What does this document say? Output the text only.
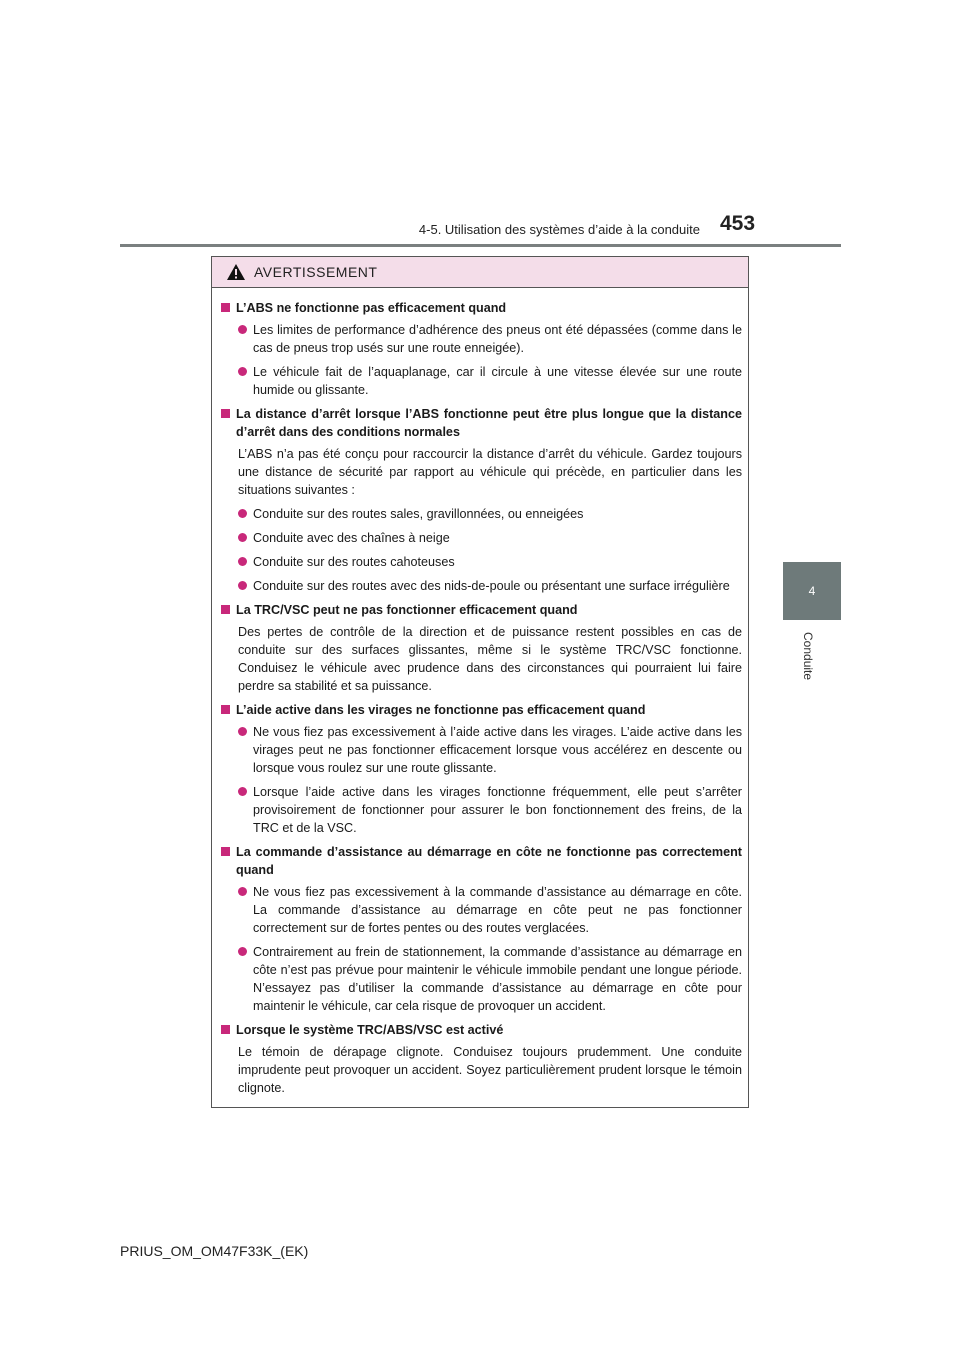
4-5. Utilisation des systèmes d’aide à la conduite 453
4
Conduite
AVERTISSEMENT
L’ABS ne fonctionne pas efficacement quand
Les limites de performance d’adhérence des pneus ont été dépassées (comme dans le cas de pneus trop usés sur une route enneigée).
Le véhicule fait de l’aquaplanage, car il circule à une vitesse élevée sur une route humide ou glissante.
La distance d’arrêt lorsque l’ABS fonctionne peut être plus longue que la distance d’arrêt dans des conditions normales
L’ABS n’a pas été conçu pour raccourcir la distance d’arrêt du véhicule. Gardez toujours une distance de sécurité par rapport au véhicule qui précède, en particulier dans les situations suivantes :
Conduite sur des routes sales, gravillonnées, ou enneigées
Conduite avec des chaînes à neige
Conduite sur des routes cahoteuses
Conduite sur des routes avec des nids-de-poule ou présentant une surface irrégulière
La TRC/VSC peut ne pas fonctionner efficacement quand
Des pertes de contrôle de la direction et de puissance restent possibles en cas de conduite sur des surfaces glissantes, même si le système TRC/VSC fonctionne. Conduisez le véhicule avec prudence dans des circonstances qui pourraient lui faire perdre sa stabilité et sa puissance.
L’aide active dans les virages ne fonctionne pas efficacement quand
Ne vous fiez pas excessivement à l’aide active dans les virages. L’aide active dans les virages peut ne pas fonctionner efficacement lorsque vous accélérez en descente ou lorsque vous roulez sur une route glissante.
Lorsque l’aide active dans les virages fonctionne fréquemment, elle peut s’arrêter provisoirement de fonctionner pour assurer le bon fonctionnement des freins, de la TRC et de la VSC.
La commande d’assistance au démarrage en côte ne fonctionne pas correctement quand
Ne vous fiez pas excessivement à la commande d’assistance au démarrage en côte. La commande d’assistance au démarrage en côte peut ne pas fonctionner correctement sur de fortes pentes ou des routes verglacées.
Contrairement au frein de stationnement, la commande d’assistance au démarrage en côte n’est pas prévue pour maintenir le véhicule immobile pendant une longue période. N’essayez pas d’utiliser la commande d’assistance au démarrage en côte pour maintenir le véhicule, car cela risque de provoquer un accident.
Lorsque le système TRC/ABS/VSC est activé
Le témoin de dérapage clignote. Conduisez toujours prudemment. Une conduite imprudente peut provoquer un accident. Soyez particulièrement prudent lorsque le témoin clignote.
PRIUS_OM_OM47F33K_(EK)
